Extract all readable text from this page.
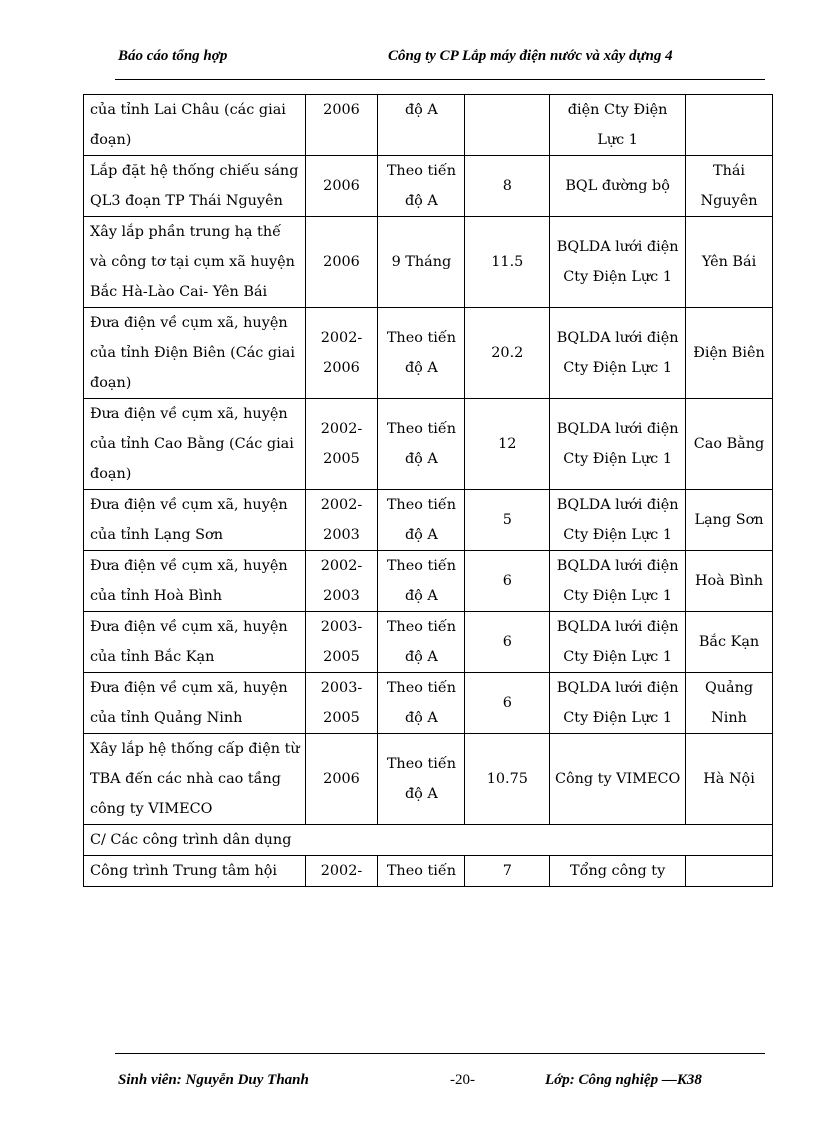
Báo cáo tổng hợp	Công ty CP Lắp máy điện nước và xây dựng 4
của tỉnh Lai Châu (các giai đoạn)	2006	độ A		điện Cty Điện Lực 1	
Lắp đặt hệ thống chiếu sáng QL3 đoạn TP Thái Nguyên	2006	Theo tiến độ A	8	BQL đường bộ	Thái Nguyên
Xây lắp phần trung hạ thế và công tơ tại cụm xã huyện Bắc Hà-Lào Cai- Yên Bái	2006	9 Tháng	11.5	BQLDA lưới điện Cty Điện Lực 1	Yên Bái
Đưa điện về cụm xã, huyện của tỉnh Điện Biên (Các giai đoạn)	2002-2006	Theo tiến độ A	20.2	BQLDA lưới điện Cty Điện Lực 1	Điện Biên
Đưa điện về cụm xã, huyện của tỉnh Cao Bằng (Các giai đoạn)	2002-2005	Theo tiến độ A	12	BQLDA lưới điện Cty Điện Lực 1	Cao Bằng
Đưa điện về cụm xã, huyện của tỉnh Lạng Sơn	2002-2003	Theo tiến độ A	5	BQLDA lưới điện Cty Điện Lực 1	Lạng Sơn
Đưa điện về cụm xã, huyện của tỉnh Hoà Bình	2002-2003	Theo tiến độ A	6	BQLDA lưới điện Cty Điện Lực 1	Hoà Bình
Đưa điện về cụm xã, huyện của tỉnh Bắc Kạn	2003-2005	Theo tiến độ A	6	BQLDA lưới điện Cty Điện Lực 1	Bắc Kạn
Đưa điện về cụm xã, huyện của tỉnh Quảng Ninh	2003-2005	Theo tiến độ A	6	BQLDA lưới điện Cty Điện Lực 1	Quảng Ninh
Xây lắp hệ thống cấp điện từ TBA đến các nhà cao tầng công ty VIMECO	2006	Theo tiến độ A	10.75	Công ty VIMECO	Hà Nội
C/ Các công trình dân dụng					
Công trình Trung tâm hội	2002-	Theo tiến	7	Tổng công ty	
Sinh viên: Nguyễn Duy Thanh	-20-	Lớp: Công nghiệp —K38
